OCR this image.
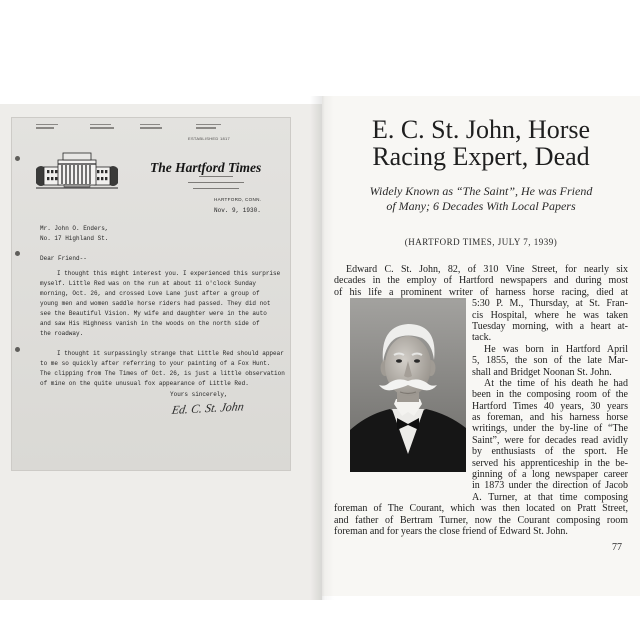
ESTABLISHED 1817
The Hartford Times
HARTFORD, CONN.
Nov. 9, 1930.
Mr. John O. Enders,
No. 17 Highland St.
Dear Friend--
I thought this might interest you. I experienced this surprise
myself. Little Red was on the run at about 11 o'clock Sunday
morning, Oct. 26, and crossed Love Lane just after a group of
young men and women saddle horse riders had passed. They did not
see the Beautiful Vision. My wife and daughter were in the auto
and saw His Highness vanish in the woods on the north side of
the roadway.
I thought it surpassingly strange that Little Red should appear
to me so quickly after referring to your painting of a Fox Hunt.
The clipping from The Times of Oct. 26, is just a little observation
of mine on the quite unusual fox appearance of Little Red.
Yours sincerely,
Ed. C. St. John
E. C. St. John, Horse
Racing Expert, Dead
Widely Known as “The Saint”, He was Friend
of Many; 6 Decades With Local Papers
(HARTFORD TIMES, JULY 7, 1939)
Edward C. St. John, 82, of 310 Vine Street, for nearly six
decades in the employ of Hartford newspapers and during most
of his life a prominent writer of harness horse racing, died at
5:30 P. M., Thursday, at St. Fran-
cis Hospital, where he was taken
Tuesday morning, with a heart at-
tack.
He was born in Hartford April
5, 1855, the son of the late Mar-
shall and Bridget Noonan St. John.
At the time of his death he had
been in the composing room of the
Hartford Times 40 years, 30 years
as foreman, and his harness horse
writings, under the by-line of “The
Saint”, were for decades read avidly
by enthusiasts of the sport. He
served his apprenticeship in the be-
ginning of a long newspaper career
in 1873 under the direction of Jacob
A. Turner, at that time composing
foreman of The Courant, which was then located on Pratt Street,
and father of Bertram Turner, now the Courant composing room
foreman and for years the close friend of Edward St. John.
77
